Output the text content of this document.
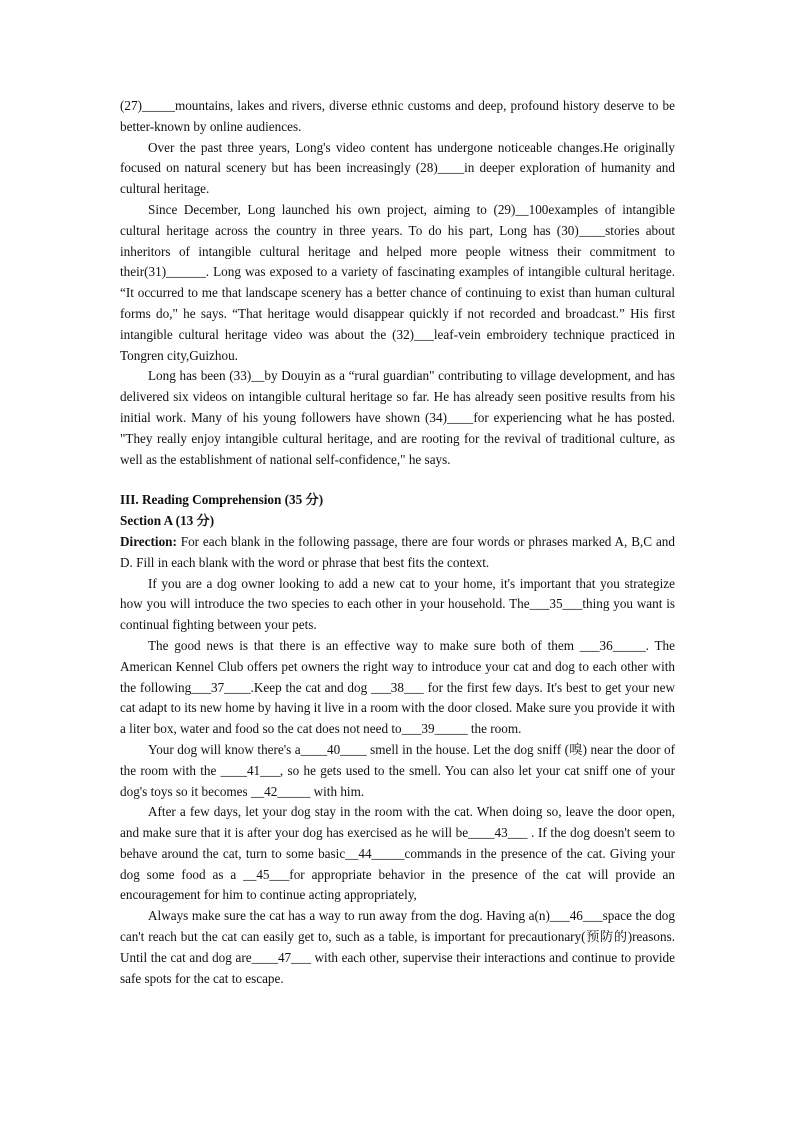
(27)_____mountains, lakes and rivers, diverse ethnic customs and deep, profound history deserve to be better-known by online audiences.

Over the past three years, Long's video content has undergone noticeable changes.He originally focused on natural scenery but has been increasingly (28)____in deeper exploration of humanity and cultural heritage.

Since December, Long launched his own project, aiming to (29)__100examples of intangible cultural heritage across the country in three years. To do his part, Long has (30)____stories about inheritors of intangible cultural heritage and helped more people witness their commitment to their(31)______. Long was exposed to a variety of fascinating examples of intangible cultural heritage. “It occurred to me that landscape scenery has a better chance of continuing to exist than human cultural forms do," he says. “That heritage would disappear quickly if not recorded and broadcast.” His first intangible cultural heritage video was about the (32)___leaf-vein embroidery technique practiced in Tongren city,Guizhou.

Long has been (33)__by Douyin as a “rural guardian" contributing to village development, and has delivered six videos on intangible cultural heritage so far. He has already seen positive results from his initial work. Many of his young followers have shown (34)____for experiencing what he has posted. "They really enjoy intangible cultural heritage, and are rooting for the revival of traditional culture, as well as the establishment of national self-confidence," he says.

III. Reading Comprehension (35 分)

Section A (13 分)

Direction: For each blank in the following passage, there are four words or phrases marked A, B,C and D. Fill in each blank with the word or phrase that best fits the context.

If you are a dog owner looking to add a new cat to your home, it's important that you strategize how you will introduce the two species to each other in your household. The___35___thing you want is continual fighting between your pets.

The good news is that there is an effective way to make sure both of them ___36_____. The American Kennel Club offers pet owners the right way to introduce your cat and dog to each other with the following___37____.Keep the cat and dog ___38___ for the first few days. It's best to get your new cat adapt to its new home by having it live in a room with the door closed. Make sure you provide it with a liter box, water and food so the cat does not need to___39_____ the room.

Your dog will know there's a____40____ smell in the house. Let the dog sniff (嗅) near the door of the room with the ____41___, so he gets used to the smell. You can also let your cat sniff one of your dog's toys so it becomes __42_____ with him.

After a few days, let your dog stay in the room with the cat. When doing so, leave the door open, and make sure that it is after your dog has exercised as he will be____43___ . If the dog doesn't seem to behave around the cat, turn to some basic__44_____commands in the presence of the cat. Giving your dog some food as a __45___for appropriate behavior in the presence of the cat will provide an encouragement for him to continue acting appropriately,

Always make sure the cat has a way to run away from the dog. Having a(n)___46___space the dog can't reach but the cat can easily get to, such as a table, is important for precautionary(预防的)reasons. Until the cat and dog are____47___ with each other, supervise their interactions and continue to provide safe spots for the cat to escape.
